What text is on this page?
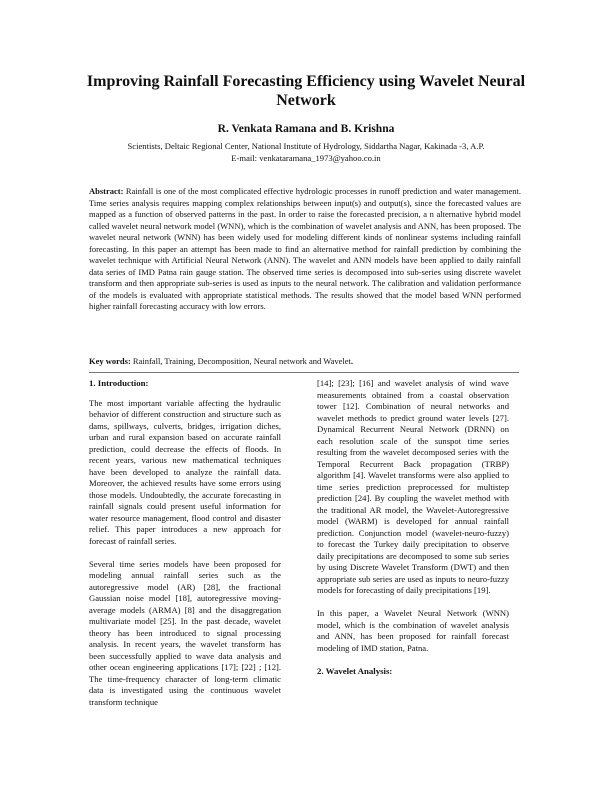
Improving Rainfall Forecasting Efficiency using Wavelet Neural Network
R. Venkata Ramana and B. Krishna
Scientists, Deltaic Regional Center, National Institute of Hydrology, Siddartha Nagar, Kakinada -3, A.P.
E-mail: venkataramana_1973@yahoo.co.in

Abstract: Rainfall is one of the most complicated effective hydrologic processes in runoff prediction and water management. Time series analysis requires mapping complex relationships between input(s) and output(s), since the forecasted values are mapped as a function of observed patterns in the past. In order to raise the forecasted precision, a n alternative hybrid model called wavelet neural network model (WNN), which is the combination of wavelet analysis and ANN, has been proposed. The wavelet neural network (WNN) has been widely used for modeling different kinds of nonlinear systems including rainfall forecasting. In this paper an attempt has been made to find an alternative method for rainfall prediction by combining the wavelet technique with Artificial Neural Network (ANN). The wavelet and ANN models have been applied to daily rainfall data series of IMD Patna rain gauge station. The observed time series is decomposed into sub-series using discrete wavelet transform and then appropriate sub-series is used as inputs to the neural network. The calibration and validation performance of the models is evaluated with appropriate statistical methods. The results showed that the model based WNN performed higher rainfall forecasting accuracy with low errors.

Key words: Rainfall, Training, Decomposition, Neural network and Wavelet.

1. Introduction:

The most important variable affecting the hydraulic behavior of different construction and structure such as dams, spillways, culverts, bridges, irrigation diches, urban and rural expansion based on accurate rainfall prediction, could decrease the effects of floods. In recent years, various new mathematical techniques have been developed to analyze the rainfall data. Moreover, the achieved results have some errors using those models. Undoubtedly, the accurate forecasting in rainfall signals could present useful information for water resource management, flood control and disaster relief. This paper introduces a new approach for forecast of rainfall series.

Several time series models have been proposed for modeling annual rainfall series such as the autoregressive model (AR) [28], the fractional Gaussian noise model [18], autoregressive moving-average models (ARMA) [8] and the disaggregation multivariate model [25]. In the past decade, wavelet theory has been introduced to signal processing analysis. In recent years, the wavelet transform has been successfully applied to wave data analysis and other ocean engineering applications [17]; [22] ; [12]. The time-frequency character of long-term climatic data is investigated using the continuous wavelet transform technique

[14]; [23]; [16] and wavelet analysis of wind wave measurements obtained from a coastal observation tower [12]. Combination of neural networks and wavelet methods to predict ground water levels [27]. Dynamical Recurrent Neural Network (DRNN) on each resolution scale of the sunspot time series resulting from the wavelet decomposed series with the Temporal Recurrent Back propagation (TRBP) algorithm [4]. Wavelet transforms were also applied to time series prediction preprocessed for multistep prediction [24]. By coupling the wavelet method with the traditional AR model, the Wavelet-Autoregressive model (WARM) is developed for annual rainfall prediction. Conjunction model (wavelet-neuro-fuzzy) to forecast the Turkey daily precipitation to observe daily precipitations are decomposed to some sub series by using Discrete Wavelet Transform (DWT) and then appropriate sub series are used as inputs to neuro-fuzzy models for forecasting of daily precipitations [19].

In this paper, a Wavelet Neural Network (WNN) model, which is the combination of wavelet analysis and ANN, has been proposed for rainfall forecast modeling of IMD station, Patna.

2. Wavelet Analysis:
